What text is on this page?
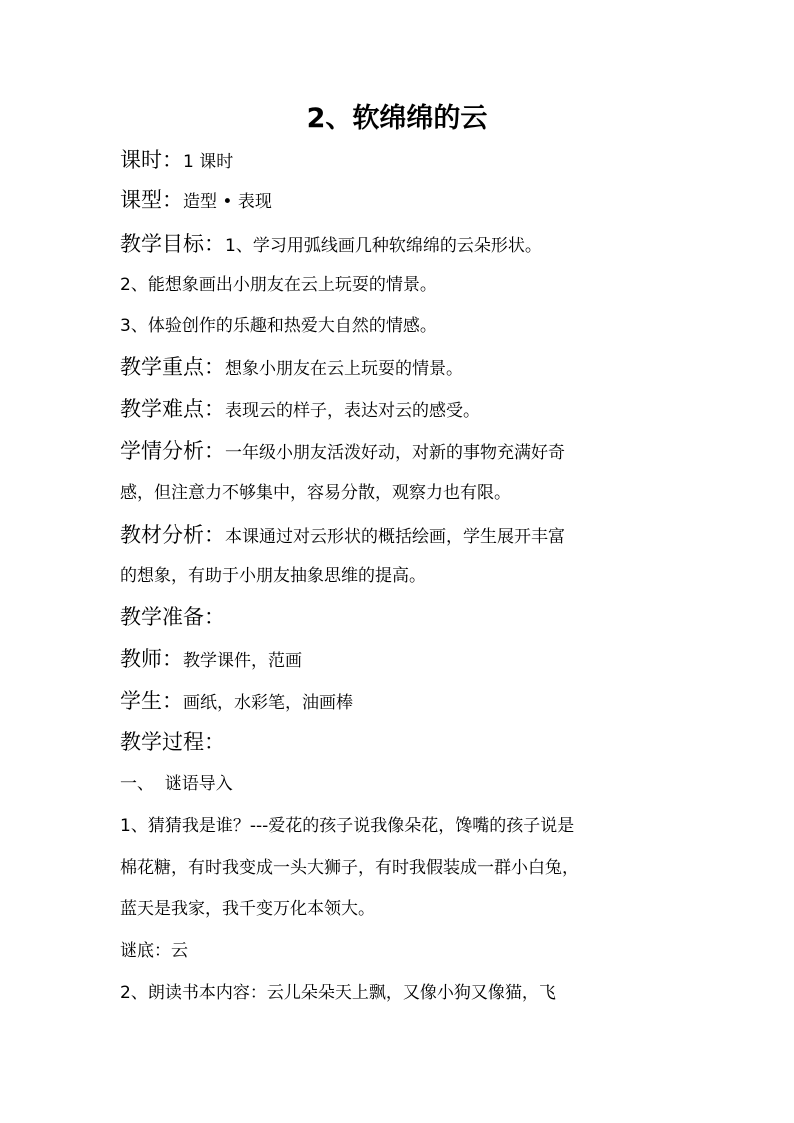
2、软绵绵的云
课时：1 课时
课型：造型 • 表现
教学目标：1、学习用弧线画几种软绵绵的云朵形状。
2、能想象画出小朋友在云上玩耍的情景。
3、体验创作的乐趣和热爱大自然的情感。
教学重点：想象小朋友在云上玩耍的情景。
教学难点：表现云的样子，表达对云的感受。
学情分析：一年级小朋友活泼好动，对新的事物充满好奇
感，但注意力不够集中，容易分散，观察力也有限。
教材分析：本课通过对云形状的概括绘画，学生展开丰富
的想象，有助于小朋友抽象思维的提高。
教学准备：
教师：教学课件，范画
学生：画纸，水彩笔，油画棒
教学过程：
一、  谜语导入
1、猜猜我是谁？---爱花的孩子说我像朵花，馋嘴的孩子说是
棉花糖，有时我变成一头大狮子，有时我假装成一群小白兔，
蓝天是我家，我千变万化本领大。
谜底：云
2、朗读书本内容：云儿朵朵天上飘，又像小狗又像猫，飞
